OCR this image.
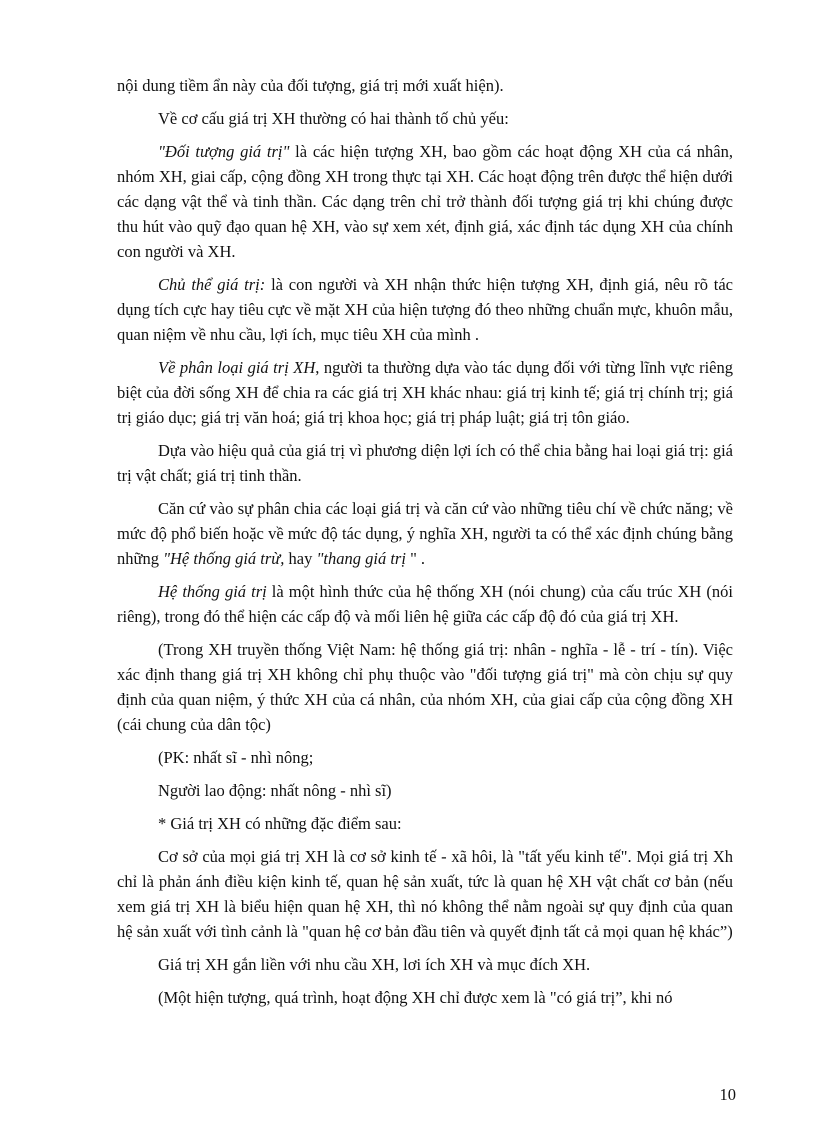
nội dung tiềm ẩn này của đối tượng, giá trị mới xuất hiện).

Về cơ cấu giá trị XH thường có hai thành tố chủ yếu:

"Đối tượng giá trị" là các hiện tượng XH, bao gồm các hoạt động XH của cá nhân, nhóm XH, giai cấp, cộng đồng XH trong thực tại XH. Các hoạt động trên được thể hiện dưới các dạng vật thể và tinh thần. Các dạng trên chỉ trở thành đối tượng giá trị khi chúng được thu hút vào quỹ đạo quan hệ XH, vào sự xem xét, định giá, xác định tác dụng XH của chính con người và XH.

Chủ thể giá trị: là con người và XH nhận thức hiện tượng XH, định giá, nêu rõ tác dụng tích cực hay tiêu cực về mặt XH của hiện tượng đó theo những chuẩn mực, khuôn mẫu, quan niệm về nhu cầu, lợi ích, mục tiêu XH của mình .

Về phân loại giá trị XH, người ta thường dựa vào tác dụng đối với từng lĩnh vực riêng biệt của đời sống XH để chia ra các giá trị XH khác nhau: giá trị kinh tế; giá trị chính trị; giá trị giáo dục; giá trị văn hoá; giá trị khoa học; giá trị pháp luật; giá trị tôn giáo.

Dựa vào hiệu quả của giá trị vì phương diện lợi ích có thể chia bằng hai loại giá trị: giá trị vật chất; giá trị tinh thần.

Căn cứ vào sự phân chia các loại giá trị và căn cứ vào những tiêu chí về chức năng; về mức độ phổ biến hoặc về mức độ tác dụng, ý nghĩa XH, người ta có thể xác định chúng bằng những "Hệ thống giá trừ, hay "thang giá trị " .

Hệ thống giá trị là một hình thức của hệ thống XH (nói chung) của cấu trúc XH (nói riêng), trong đó thể hiện các cấp độ và mối liên hệ giữa các cấp độ đó của giá trị XH.

(Trong XH truyền thống Việt Nam: hệ thống giá trị: nhân - nghĩa - lễ - trí - tín). Việc xác định thang giá trị XH không chỉ phụ thuộc vào "đối tượng giá trị" mà còn chịu sự quy định của quan niệm, ý thức XH của cá nhân, của nhóm XH, của giai cấp của cộng đồng XH (cái chung của dân tộc)

(PK: nhất sĩ - nhì nông;

Người lao động: nhất nông - nhì sĩ)

* Giá trị XH có những đặc điểm sau:

Cơ sở của mọi giá trị XH là cơ sở kinh tế - xã hôi, là "tất yếu kinh tế". Mọi giá trị Xh chỉ là phản ánh điều kiện kinh tế, quan hệ sản xuất, tức là quan hệ XH vật chất cơ bản (nếu xem giá trị XH là biểu hiện quan hệ XH, thì nó không thể nằm ngoài sự quy định của quan hệ sản xuất với tình cảnh là "quan hệ cơ bản đầu tiên và quyết định tất cả mọi quan hệ khác”)

Giá trị XH gắn liền với nhu cầu XH, lơi ích XH và mục đích XH.

(Một hiện tượng, quá trình, hoạt động XH chỉ được xem là "có giá trị”, khi nó

10
